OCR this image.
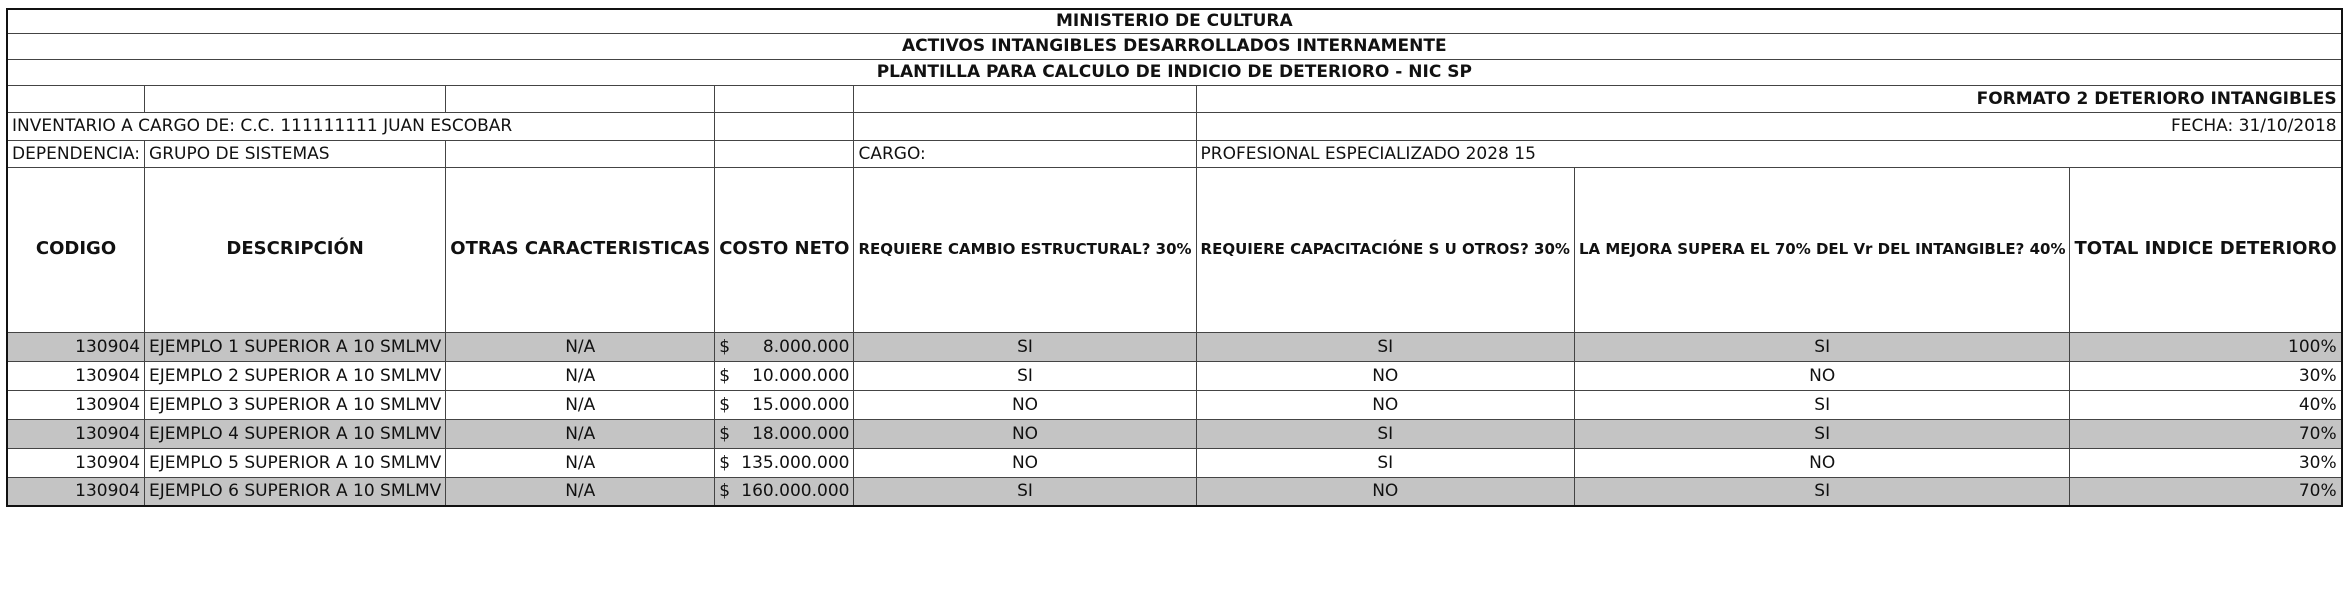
MINISTERIO DE CULTURA							
ACTIVOS INTANGIBLES DESARROLLADOS INTERNAMENTE							
PLANTILLA PARA CALCULO DE INDICIO DE DETERIORO - NIC SP							
					FORMATO 2 DETERIORO INTANGIBLES		
INVENTARIO A CARGO DE: C.C. 111111111 JUAN ESCOBAR					FECHA: 31/10/2018		
DEPENDENCIA:	GRUPO DE SISTEMAS			CARGO:	PROFESIONAL ESPECIALIZADO 2028 15		
CODIGO	DESCRIPCIÓN	OTRAS CARACTERISTICAS	COSTO NETO	REQUIERE CAMBIO ESTRUCTURAL? 30%	REQUIERE CAPACITACIÓNE S U OTROS? 30%	LA MEJORA SUPERA EL 70% DEL Vr DEL INTANGIBLE? 40%	TOTAL INDICE DETERIORO
130904	EJEMPLO 1 SUPERIOR A 10 SMLMV	N/A	$ 8.000.000	SI	SI	SI	100%
130904	EJEMPLO 2 SUPERIOR A 10 SMLMV	N/A	$ 10.000.000	SI	NO	NO	30%
130904	EJEMPLO 3 SUPERIOR A 10 SMLMV	N/A	$ 15.000.000	NO	NO	SI	40%
130904	EJEMPLO 4 SUPERIOR A 10 SMLMV	N/A	$ 18.000.000	NO	SI	SI	70%
130904	EJEMPLO 5 SUPERIOR A 10 SMLMV	N/A	$ 135.000.000	NO	SI	NO	30%
130904	EJEMPLO 6 SUPERIOR A 10 SMLMV	N/A	$ 160.000.000	SI	NO	SI	70%
